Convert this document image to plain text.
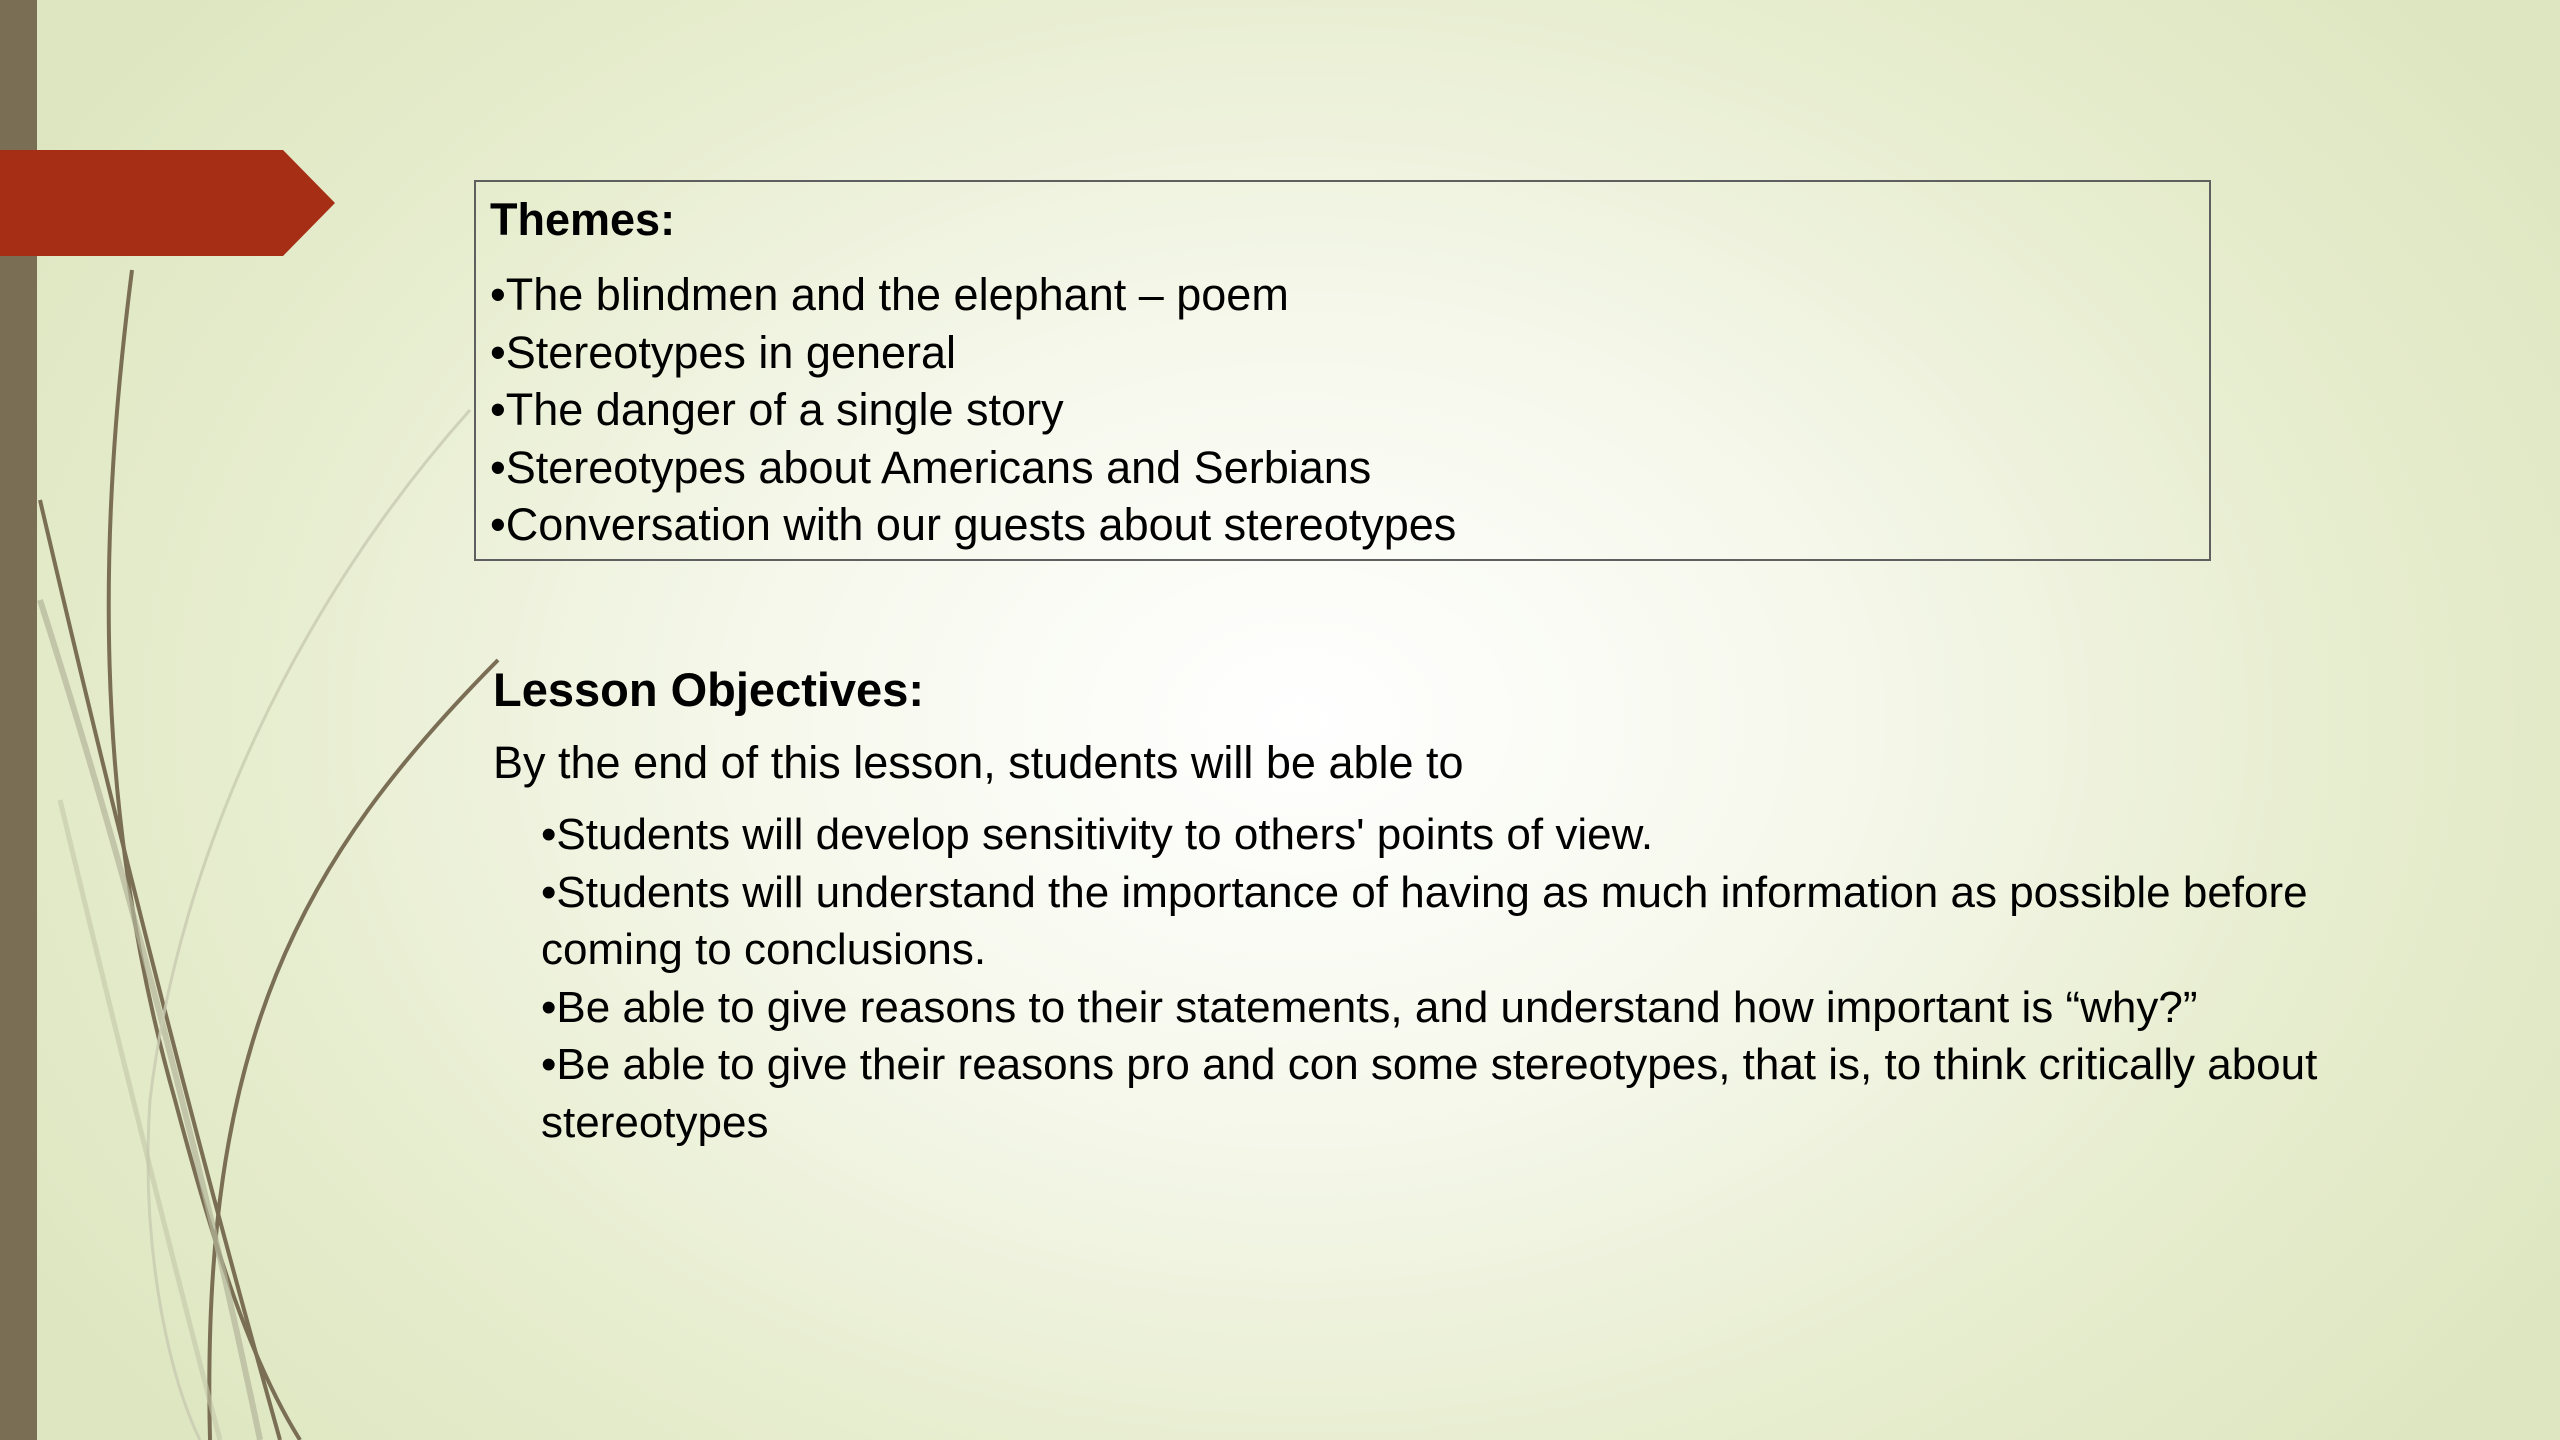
Themes:
•The blindmen and the elephant – poem
•Stereotypes in general
•The danger of a single story
•Stereotypes about Americans and Serbians
•Conversation with our guests about stereotypes
Lesson Objectives:
By the end of this lesson, students will be able to
•Students will develop sensitivity to others' points of view.
•Students will understand the importance of having as much information as possible before coming to conclusions.
•Be able to give reasons to their statements, and understand how important is “why?”
•Be able to give their reasons pro and con some stereotypes, that is, to think critically about stereotypes
